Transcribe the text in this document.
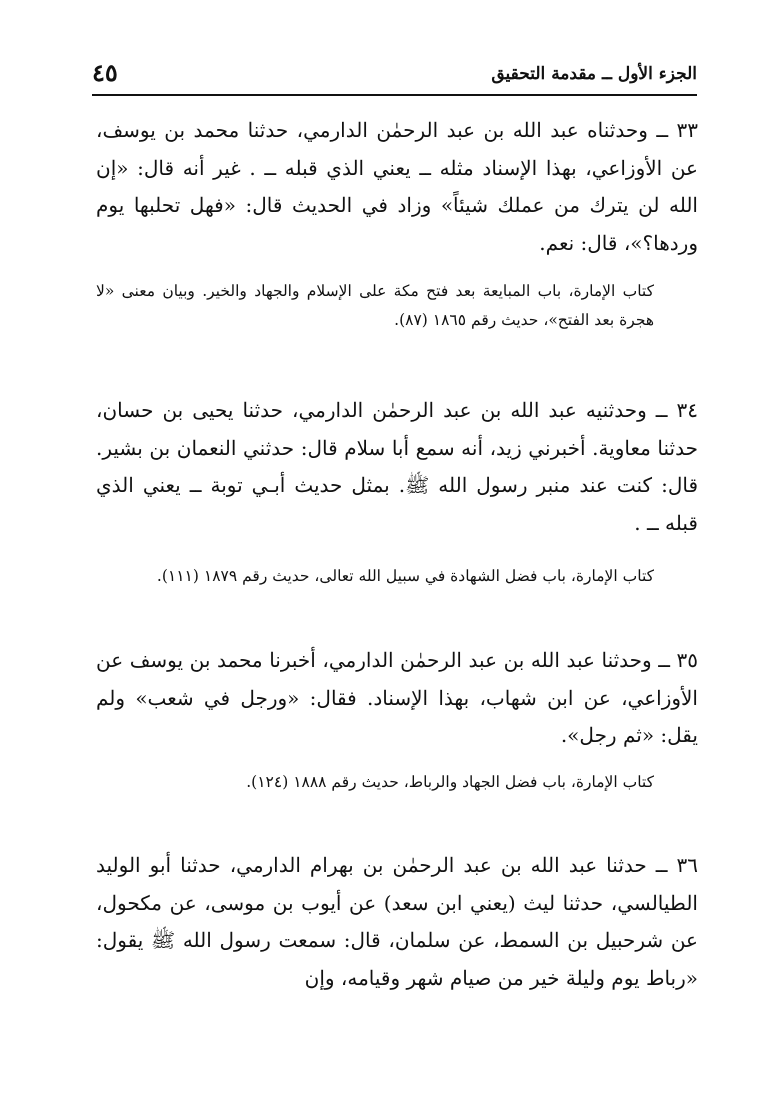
الجزء الأول ــ مقدمة التحقيق
٤٥

٣٣ ــ وحدثناه عبد الله بن عبد الرحمٰن الدارمي، حدثنا محمد بن يوسف، عن الأوزاعي، بهذا الإسناد مثله ــ يعني الذي قبله ــ . غير أنه قال: «إن الله لن يترك من عملك شيئاً» وزاد في الحديث قال: «فهل تحلبها يوم وردها؟»، قال: نعم.

كتاب الإمارة، باب المبايعة بعد فتح مكة على الإسلام والجهاد والخير. وبيان معنى «لا هجرة بعد الفتح»، حديث رقم ١٨٦٥ (٨٧).

٣٤ ــ وحدثنيه عبد الله بن عبد الرحمٰن الدارمي، حدثنا يحيى بن حسان، حدثنا معاوية. أخبرني زيد، أنه سمع أبا سلام قال: حدثني النعمان بن بشير. قال: كنت عند منبر رسول الله ﷺ. بمثل حديث أبـي توبة ــ يعني الذي قبله ــ .

كتاب الإمارة، باب فضل الشهادة في سبيل الله تعالى، حديث رقم ١٨٧٩ (١١١).

٣٥ ــ وحدثنا عبد الله بن عبد الرحمٰن الدارمي، أخبرنا محمد بن يوسف عن الأوزاعي، عن ابن شهاب، بهذا الإسناد. فقال: «ورجل في شعب» ولم يقل: «ثم رجل».

كتاب الإمارة، باب فضل الجهاد والرباط، حديث رقم ١٨٨٨ (١٢٤).

٣٦ ــ حدثنا عبد الله بن عبد الرحمٰن بن بهرام الدارمي، حدثنا أبو الوليد الطيالسي، حدثنا ليث (يعني ابن سعد) عن أيوب بن موسى، عن مكحول، عن شرحبيل بن السمط، عن سلمان، قال: سمعت رسول الله ﷺ يقول: «رباط يوم وليلة خير من صيام شهر وقيامه، وإن
